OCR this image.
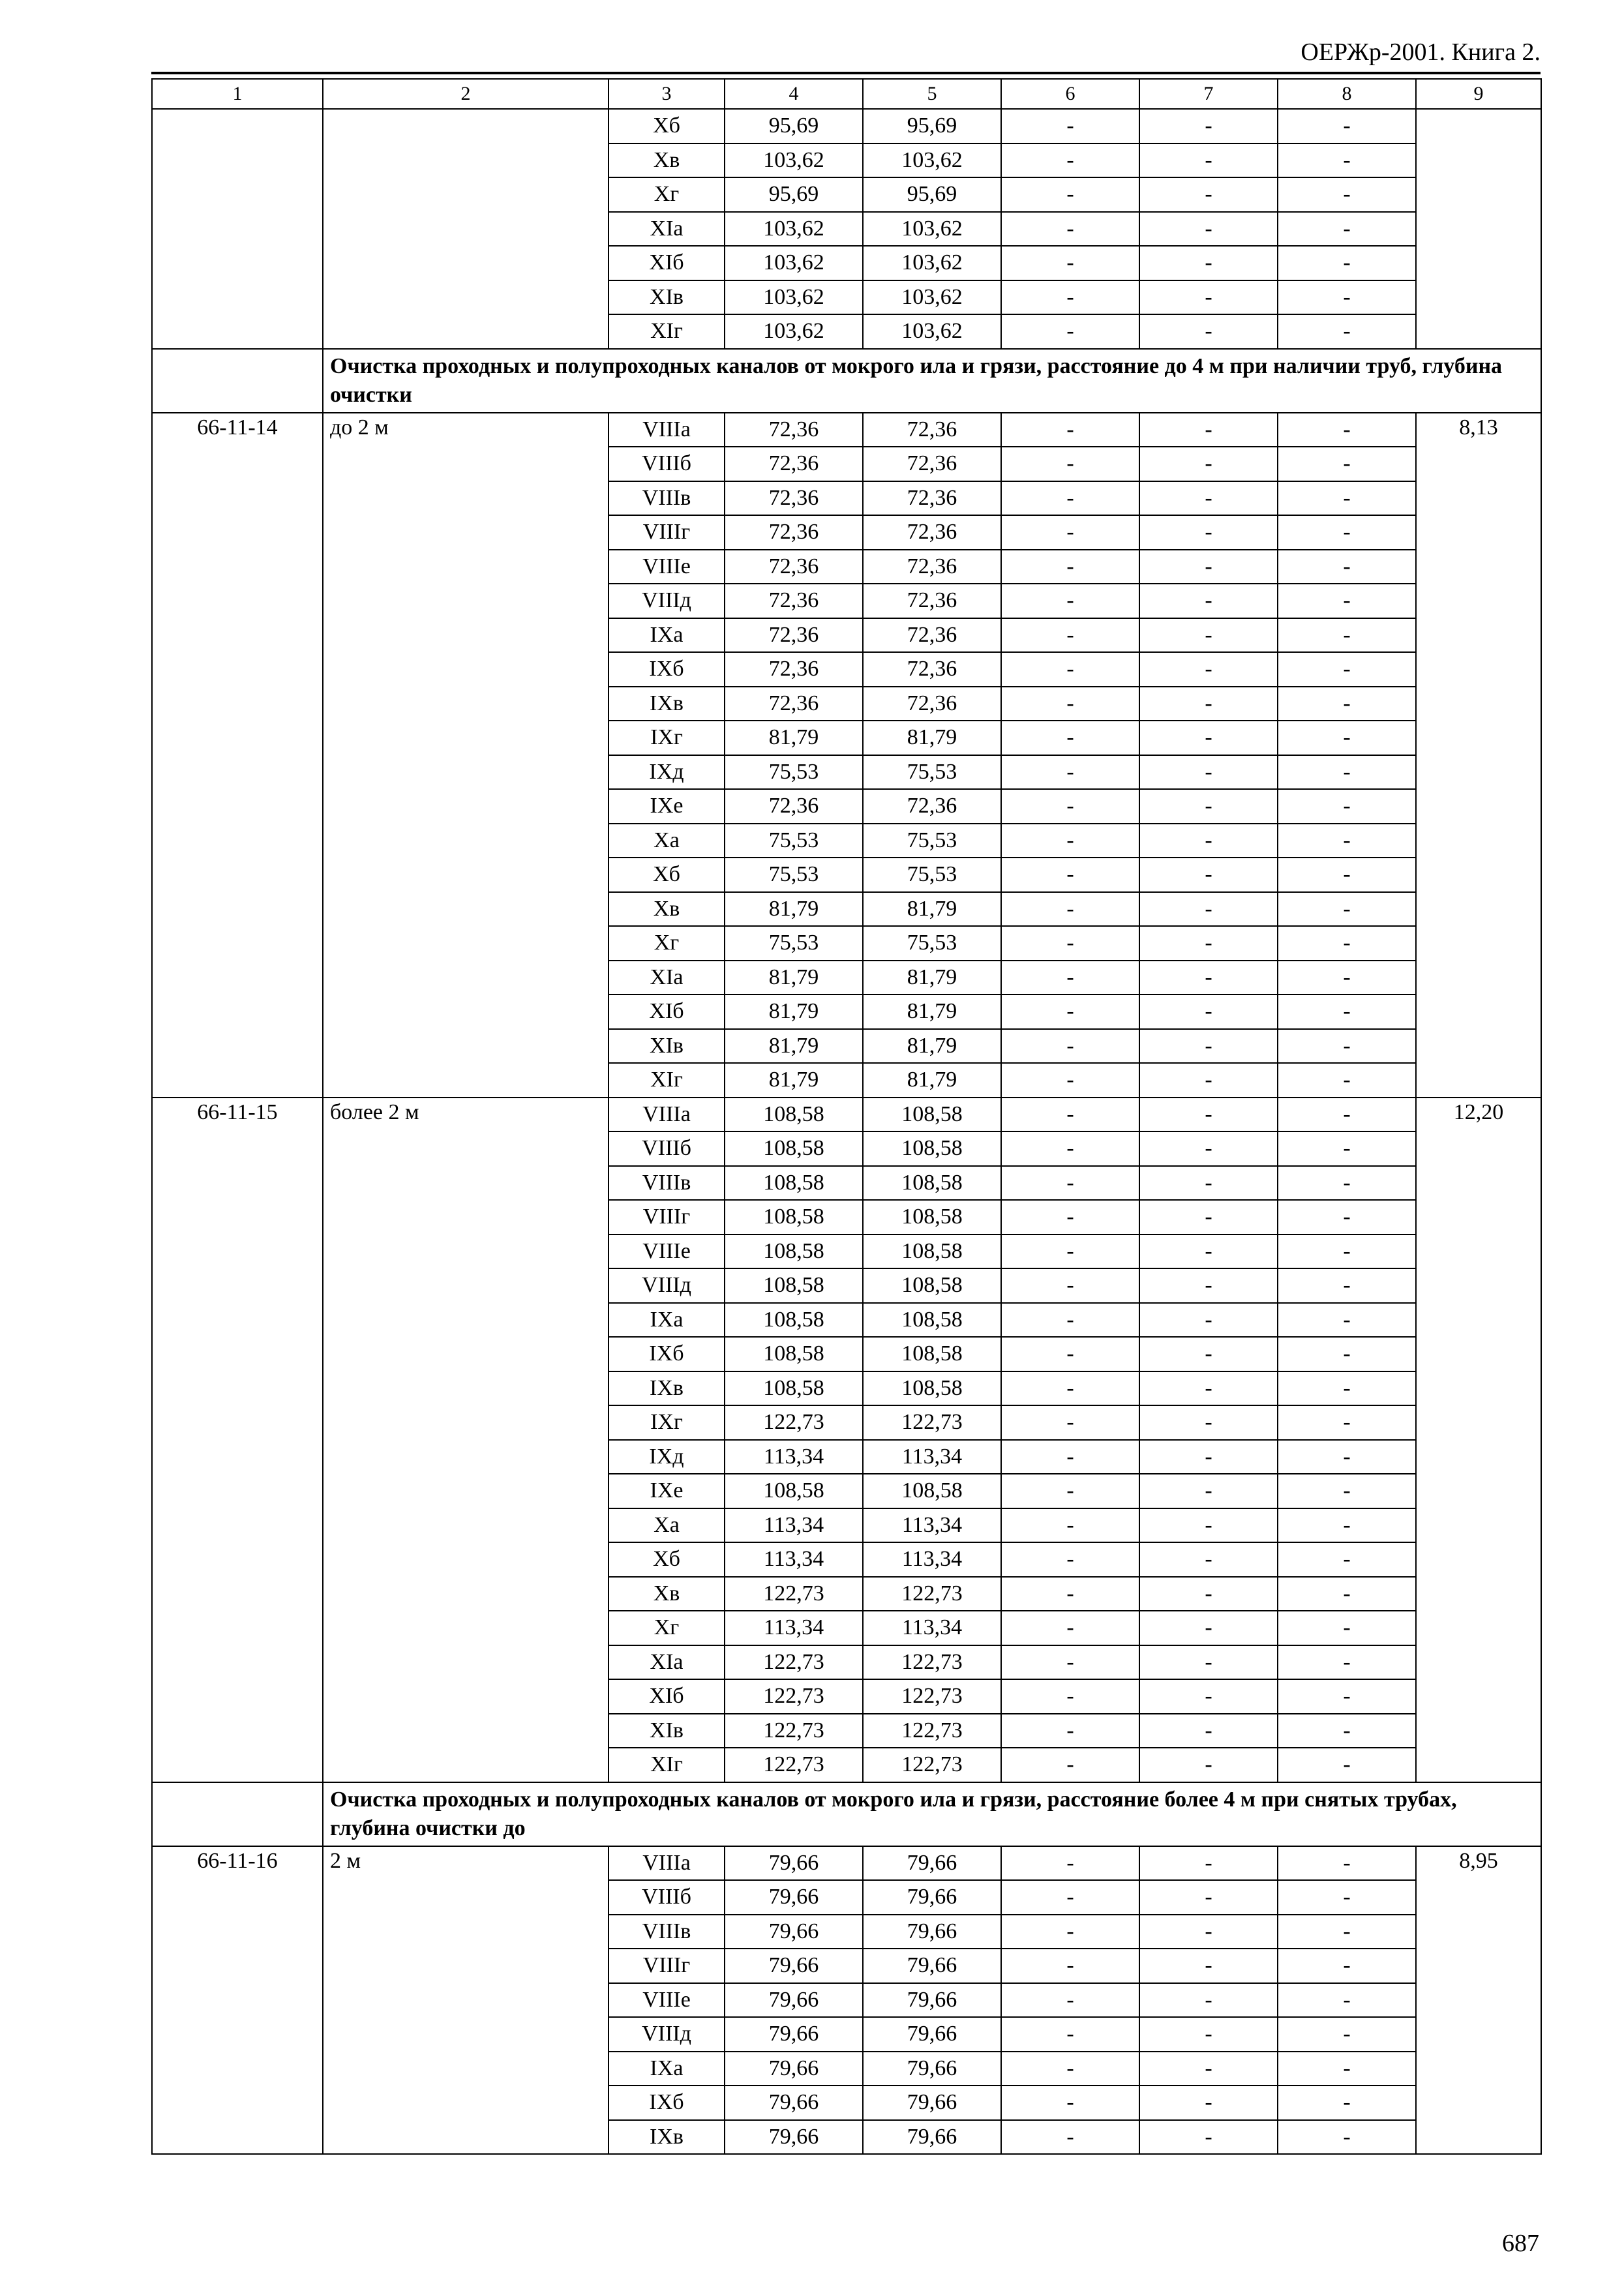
ОЕРЖр-2001. Книга 2.
1	2	3	4	5	6	7	8	9
		Хб	95,69	95,69	-	-	-	
		Хв	103,62	103,62	-	-	-	
		Хг	95,69	95,69	-	-	-	
		ХIа	103,62	103,62	-	-	-	
		ХIб	103,62	103,62	-	-	-	
		ХIв	103,62	103,62	-	-	-	
		ХIг	103,62	103,62	-	-	-	
	Очистка проходных и полупроходных каналов от мокрого ила и грязи, расстояние до 4 м при наличии труб, глубина очистки							
66-11-14	до 2 м	VIIIа	72,36	72,36	-	-	-	8,13
		VIIIб	72,36	72,36	-	-	-	
		VIIIв	72,36	72,36	-	-	-	
		VIIIг	72,36	72,36	-	-	-	
		VIIIе	72,36	72,36	-	-	-	
		VIIIд	72,36	72,36	-	-	-	
		IХа	72,36	72,36	-	-	-	
		IХб	72,36	72,36	-	-	-	
		IХв	72,36	72,36	-	-	-	
		IХг	81,79	81,79	-	-	-	
		IХд	75,53	75,53	-	-	-	
		IХе	72,36	72,36	-	-	-	
		Ха	75,53	75,53	-	-	-	
		Хб	75,53	75,53	-	-	-	
		Хв	81,79	81,79	-	-	-	
		Хг	75,53	75,53	-	-	-	
		ХIа	81,79	81,79	-	-	-	
		ХIб	81,79	81,79	-	-	-	
		ХIв	81,79	81,79	-	-	-	
		ХIг	81,79	81,79	-	-	-	
66-11-15	более 2 м	VIIIа	108,58	108,58	-	-	-	12,20
		VIIIб	108,58	108,58	-	-	-	
		VIIIв	108,58	108,58	-	-	-	
		VIIIг	108,58	108,58	-	-	-	
		VIIIе	108,58	108,58	-	-	-	
		VIIIд	108,58	108,58	-	-	-	
		IХа	108,58	108,58	-	-	-	
		IХб	108,58	108,58	-	-	-	
		IХв	108,58	108,58	-	-	-	
		IХг	122,73	122,73	-	-	-	
		IХд	113,34	113,34	-	-	-	
		IХе	108,58	108,58	-	-	-	
		Ха	113,34	113,34	-	-	-	
		Хб	113,34	113,34	-	-	-	
		Хв	122,73	122,73	-	-	-	
		Хг	113,34	113,34	-	-	-	
		ХIа	122,73	122,73	-	-	-	
		ХIб	122,73	122,73	-	-	-	
		ХIв	122,73	122,73	-	-	-	
		ХIг	122,73	122,73	-	-	-	
	Очистка проходных и полупроходных каналов от мокрого ила и грязи, расстояние более 4 м при снятых трубах, глубина очистки до							
66-11-16	2 м	VIIIа	79,66	79,66	-	-	-	8,95
		VIIIб	79,66	79,66	-	-	-	
		VIIIв	79,66	79,66	-	-	-	
		VIIIг	79,66	79,66	-	-	-	
		VIIIе	79,66	79,66	-	-	-	
		VIIIд	79,66	79,66	-	-	-	
		IХа	79,66	79,66	-	-	-	
		IХб	79,66	79,66	-	-	-	
		IХв	79,66	79,66	-	-	-	
687
